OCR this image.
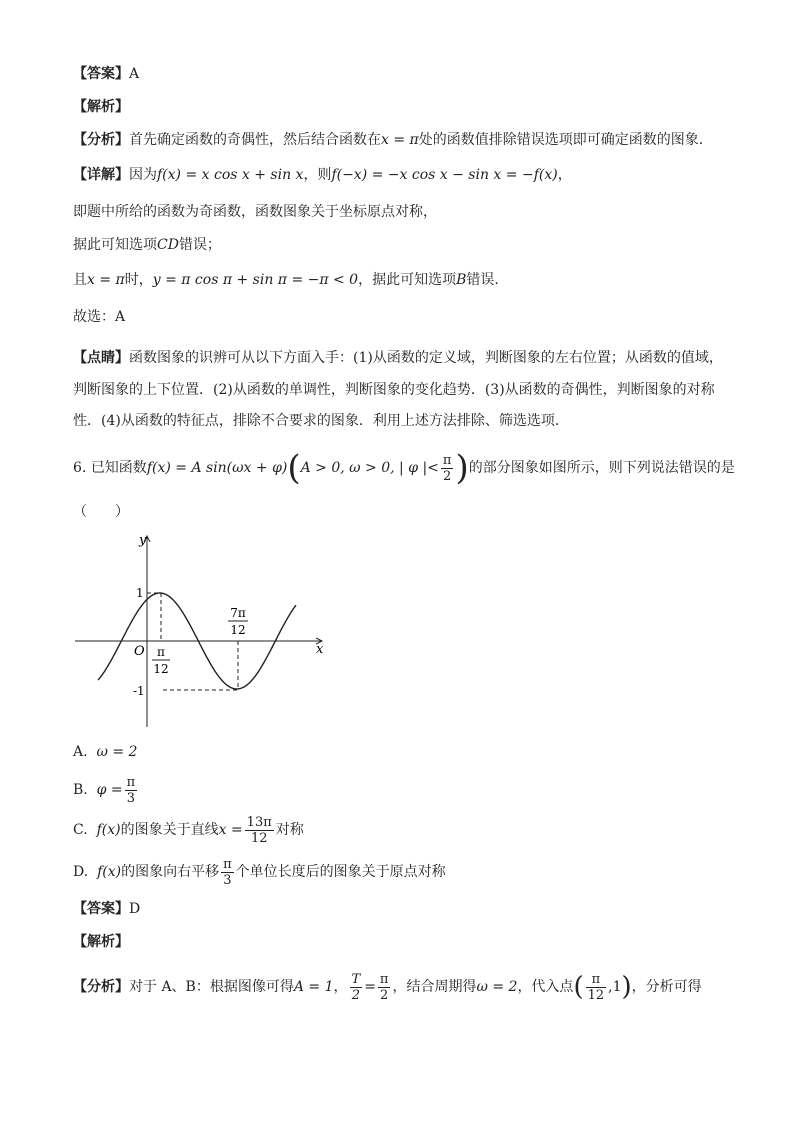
【答案】A
【解析】
【分析】首先确定函数的奇偶性，然后结合函数在x = π处的函数值排除错误选项即可确定函数的图象.
【详解】因为f(x) = x cos x + sin x，则f(−x) = −x cos x − sin x = −f(x)，
即题中所给的函数为奇函数，函数图象关于坐标原点对称，
据此可知选项CD错误；
且x = π时，y = π cos π + sin π = −π < 0，据此可知选项B错误.
故选：A
【点睛】函数图象的识辨可从以下方面入手：(1)从函数的定义域，判断图象的左右位置；从函数的值域，
判断图象的上下位置．(2)从函数的单调性，判断图象的变化趋势．(3)从函数的奇偶性，判断图象的对称
性．(4)从函数的特征点，排除不合要求的图象．利用上述方法排除、筛选选项．
6. 已知函数f(x) = A sin(ωx + φ)(A > 0, ω > 0, | φ |< $\frac{\pi}{2}$ )的部分图象如图所示，则下列说法错误的是
（　　）
y
x
O
1
-1
π
12
7π
12
A. ω = 2
B. $\varphi = \frac{\pi}{3}$
C. f(x)的图象关于直线$x = \frac{13\pi}{12}$ 对称
D. f(x)的图象向右平移 $\frac{\pi}{3}$ 个单位长度后的图象关于原点对称
【答案】D
【解析】
【分析】对于 A、B：根据图像可得A = 1， $\frac{T}{2} = \frac{\pi}{2}$ ，结合周期得ω = 2，代入点( $\frac{\pi}{12} ,1$)，分析可得
